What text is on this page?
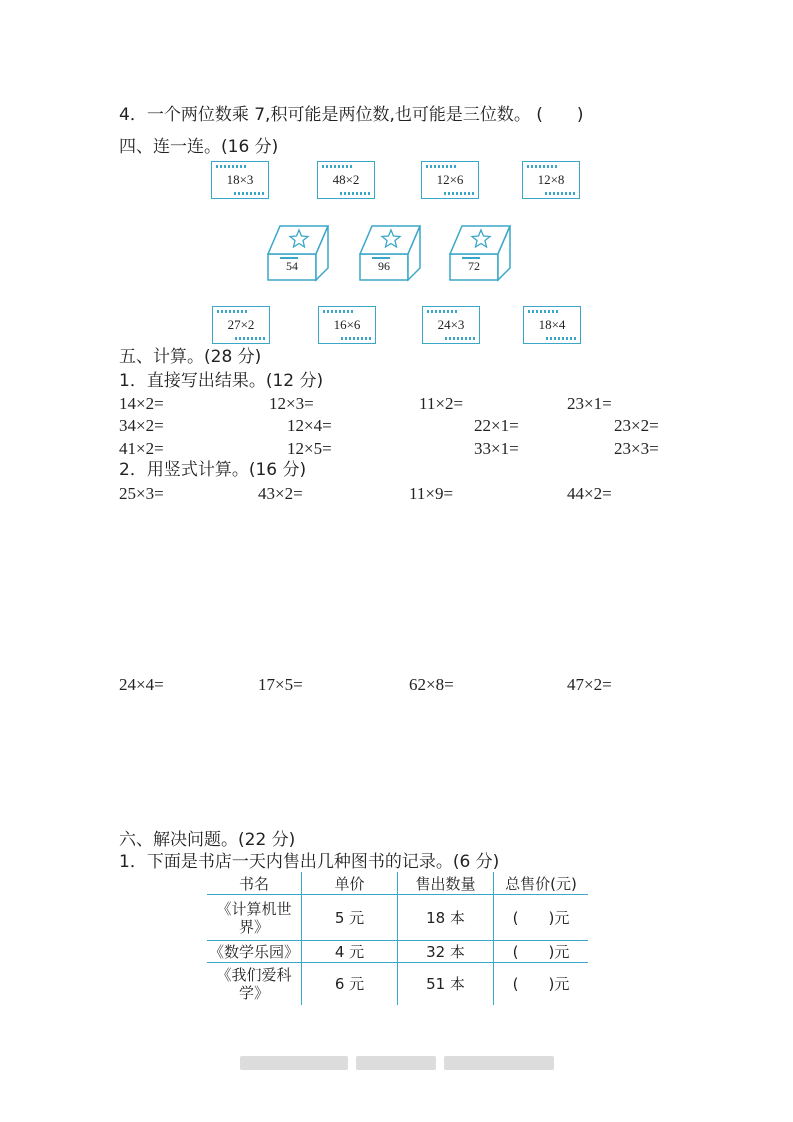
4．一个两位数乘 7,积可能是两位数,也可能是三位数。 (　　)
四、连一连。(16 分)
18×3	48×2	12×6	12×8
54	96	72
27×2	16×6	24×3	18×4
五、计算。(28 分)
1．直接写出结果。(12 分)
14×2=	12×3=	11×2=	23×1=
34×2=	12×4=	22×1=	23×2=
41×2=	12×5=	33×1=	23×3=
2．用竖式计算。(16 分)
25×3=	43×2=	11×9=	44×2=
24×4=	17×5=	62×8=	47×2=
六、解决问题。(22 分)
1．下面是书店一天内售出几种图书的记录。(6 分)
书名	单价	售出数量	总售价(元)

《计算机世
界》	5 元	18 本	(　　)元

《数学乐园》	4 元	32 本	(　　)元

《我们爱科
学》	6 元	51 本	(　　)元
